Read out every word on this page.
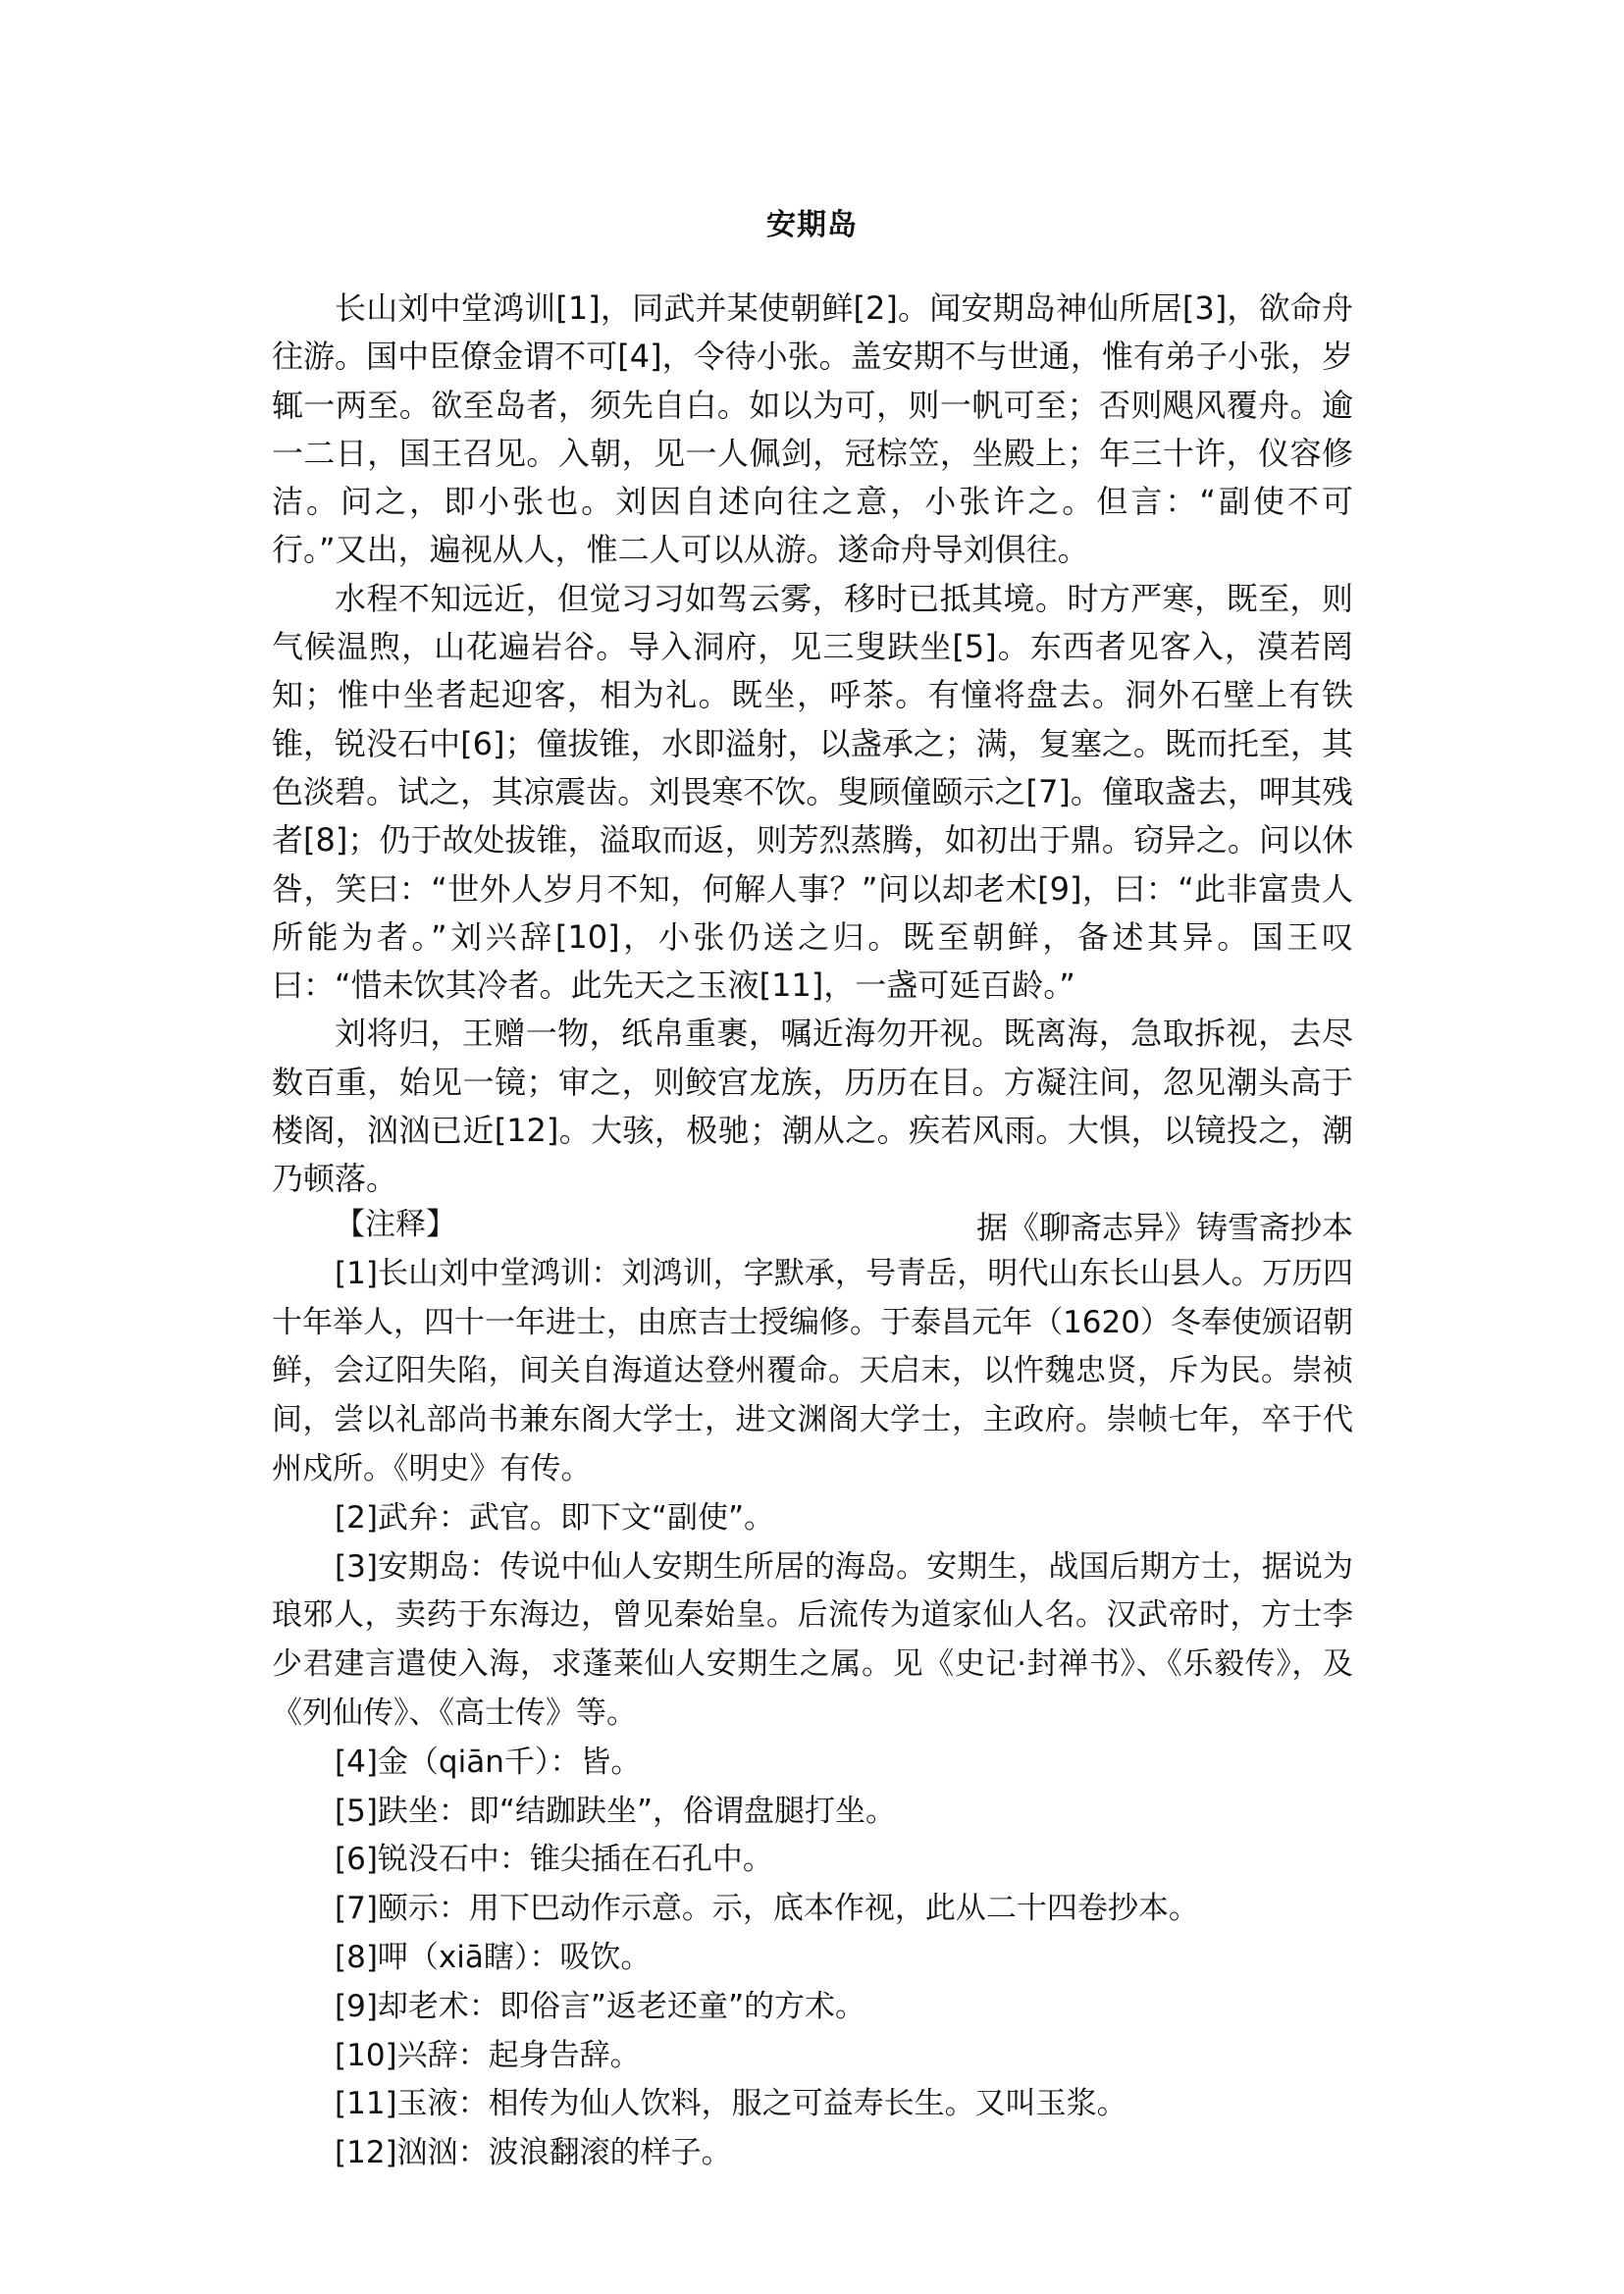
安期岛

长山刘中堂鸿训[1]，同武并某使朝鲜[2]。闻安期岛神仙所居[3]，欲命舟往游。国中臣僚金谓不可[4]，令待小张。盖安期不与世通，惟有弟子小张，岁辄一两至。欲至岛者，须先自白。如以为可，则一帆可至；否则飓风覆舟。逾一二日，国王召见。入朝，见一人佩剑，冠棕笠，坐殿上；年三十许，仪容修洁。问之，即小张也。刘因自述向往之意，小张许之。但言：“副使不可行。”又出，遍视从人，惟二人可以从游。遂命舟导刘俱往。

水程不知远近，但觉习习如驾云雾，移时已抵其境。时方严寒，既至，则气候温煦，山花遍岩谷。导入洞府，见三叟趺坐[5]。东西者见客入，漠若罔知；惟中坐者起迎客，相为礼。既坐，呼茶。有憧将盘去。洞外石壁上有铁锥，锐没石中[6]；僮拔锥，水即溢射，以盏承之；满，复塞之。既而托至，其色淡碧。试之，其凉震齿。刘畏寒不饮。叟顾僮颐示之[7]。僮取盏去，呷其残者[8]；仍于故处拔锥，溢取而返，则芳烈蒸腾，如初出于鼎。窃异之。问以休咎，笑曰：“世外人岁月不知，何解人事？”问以却老术[9]，曰：“此非富贵人所能为者。”刘兴辞[10]，小张仍送之归。既至朝鲜，备述其异。国王叹曰：“惜未饮其冷者。此先天之玉液[11]，一盏可延百龄。”

刘将归，王赠一物，纸帛重裹，嘱近海勿开视。既离海，急取拆视，去尽数百重，始见一镜；审之，则鲛宫龙族，历历在目。方凝注间，忽见潮头高于楼阁，汹汹已近[12]。大骇，极驰；潮从之。疾若风雨。大惧，以镜投之，潮乃顿落。

据《聊斋志异》铸雪斋抄本

【注释】

[1]长山刘中堂鸿训：刘鸿训，字默承，号青岳，明代山东长山县人。万历四十年举人，四十一年进士，由庶吉士授编修。于泰昌元年（1620）冬奉使颁诏朝鲜，会辽阳失陷，间关自海道达登州覆命。天启末，以忤魏忠贤，斥为民。崇祯间，尝以礼部尚书兼东阁大学士，进文渊阁大学士，主政府。崇帧七年，卒于代州戍所。《明史》有传。

[2]武弁：武官。即下文“副使”。

[3]安期岛：传说中仙人安期生所居的海岛。安期生，战国后期方士，据说为琅邪人，卖药于东海边，曾见秦始皇。后流传为道家仙人名。汉武帝时，方士李少君建言遣使入海，求蓬莱仙人安期生之属。见《史记·封禅书》、《乐毅传》，及《列仙传》、《高士传》等。

[4]金（qiān千）：皆。

[5]趺坐：即“结跏趺坐”，俗谓盘腿打坐。

[6]锐没石中：锥尖插在石孔中。

[7]颐示：用下巴动作示意。示，底本作视，此从二十四卷抄本。

[8]呷（xiā瞎）：吸饮。

[9]却老术：即俗言”返老还童”的方术。

[10]兴辞：起身告辞。

[11]玉液：相传为仙人饮料，服之可益寿长生。又叫玉浆。

[12]汹汹：波浪翻滚的样子。
